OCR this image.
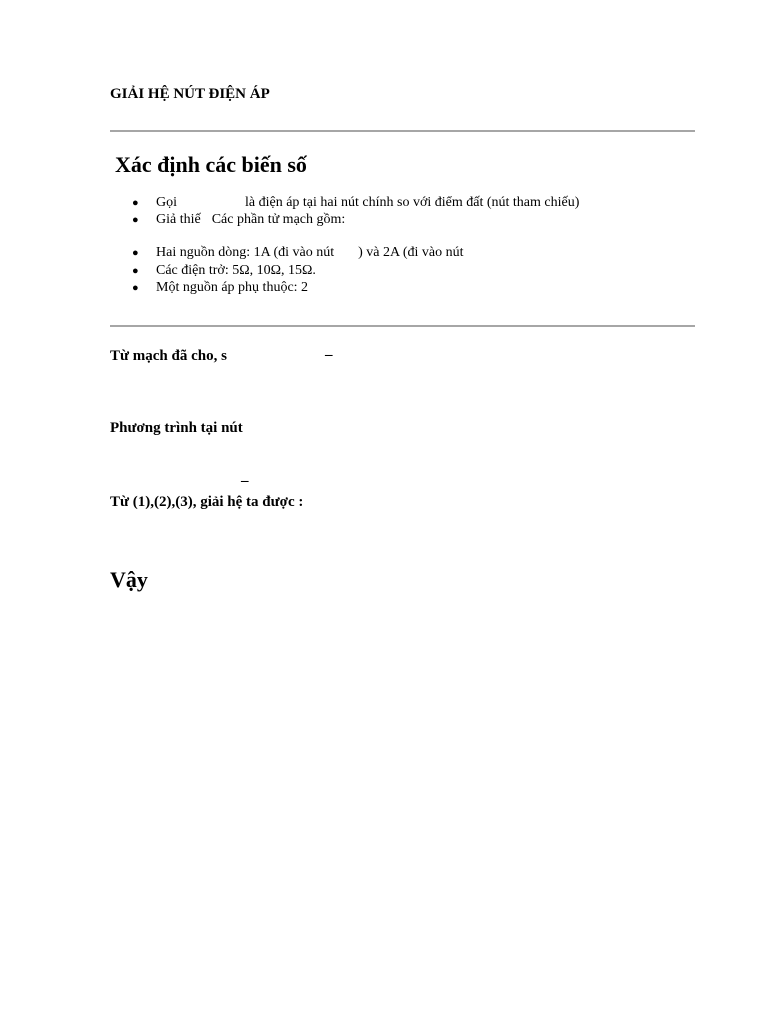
GIẢI HỆ NÚT ĐIỆN ÁP
Xác định các biến số
●	Gọi	là điện áp tại hai nút chính so với điểm đất (nút tham chiếu)
●	Giả thiế Các phần tử mạch gồm:
●	Hai nguồn dòng: 1A (đi vào nút ) và 2A (đi vào nút
●	Các điện trở: 5Ω, 10Ω, 15Ω.
●	Một nguồn áp phụ thuộc: 2
Từ mạch đã cho, s	–
Phương trình tại nút
–
Từ (1),(2),(3), giải hệ ta được :
Vậy
